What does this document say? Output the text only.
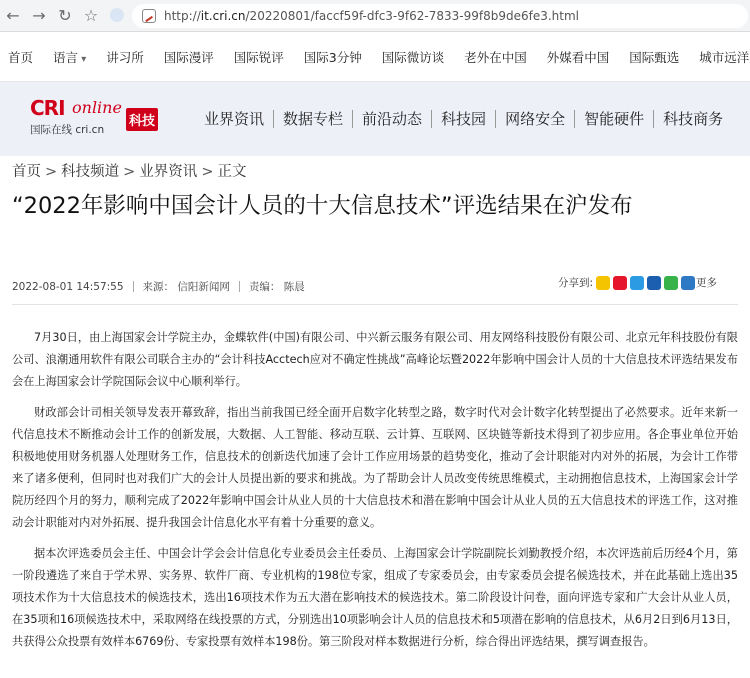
← → ↻ ☆	http://it.cri.cn/20220801/faccf59f-dfc3-9f62-7833-99f8b9de6fe3.html
首页 语言 ▾	讲习所 国际漫评 国际锐评 国际3分钟 国际微访谈 老外在中国 外媒看中国 国际甄选 城市远洋
CRI online
国际在线 cri.cn
科技	业界资讯 数据专栏 前沿动态 科技园 网络安全 智能硬件 科技商务
首页 > 科技频道 > 业界资讯 > 正文
“2022年影响中国会计人员的十大信息技术”评选结果在沪发布
2022-08-01 14:57:55 来源： 信阳新闻网 责编： 陈晨	分享到:	更多

7月30日，由上海国家会计学院主办，金蝶软件(中国)有限公司、中兴新云服务有限公司、用友网络科技股份有限公司、北京元年科技股份有限公司、浪潮通用软件有限公司联合主办的“会计科技Acctech应对不确定性挑战”高峰论坛暨2022年影响中国会计人员的十大信息技术评选结果发布会在上海国家会计学院国际会议中心顺利举行。

财政部会计司相关领导发表开幕致辞，指出当前我国已经全面开启数字化转型之路，数字时代对会计数字化转型提出了必然要求。近年来新一代信息技术不断推动会计工作的创新发展，大数据、人工智能、移动互联、云计算、互联网、区块链等新技术得到了初步应用。各企事业单位开始积极地使用财务机器人处理财务工作，信息技术的创新迭代加速了会计工作应用场景的趋势变化，推动了会计职能对内对外的拓展，为会计工作带来了诸多便利，但同时也对我们广大的会计人员提出新的要求和挑战。为了帮助会计人员改变传统思维模式，主动拥抱信息技术，上海国家会计学院历经四个月的努力，顺利完成了2022年影响中国会计从业人员的十大信息技术和潜在影响中国会计从业人员的五大信息技术的评选工作，这对推动会计职能对内对外拓展、提升我国会计信息化水平有着十分重要的意义。

据本次评选委员会主任、中国会计学会会计信息化专业委员会主任委员、上海国家会计学院副院长刘勤教授介绍，本次评选前后历经4个月，第一阶段遴选了来自于学术界、实务界、软件厂商、专业机构的198位专家，组成了专家委员会，由专家委员会提名候选技术，并在此基础上选出35项技术作为十大信息技术的候选技术，选出16项技术作为五大潜在影响技术的候选技术。第二阶段设计问卷，面向评选专家和广大会计从业人员，在35项和16项候选技术中，采取网络在线投票的方式，分别选出10项影响会计人员的信息技术和5项潜在影响的信息技术，从6月2日到6月13日，共获得公众投票有效样本6769份、专家投票有效样本198份。第三阶段对样本数据进行分析，综合得出评选结果，撰写调查报告。
